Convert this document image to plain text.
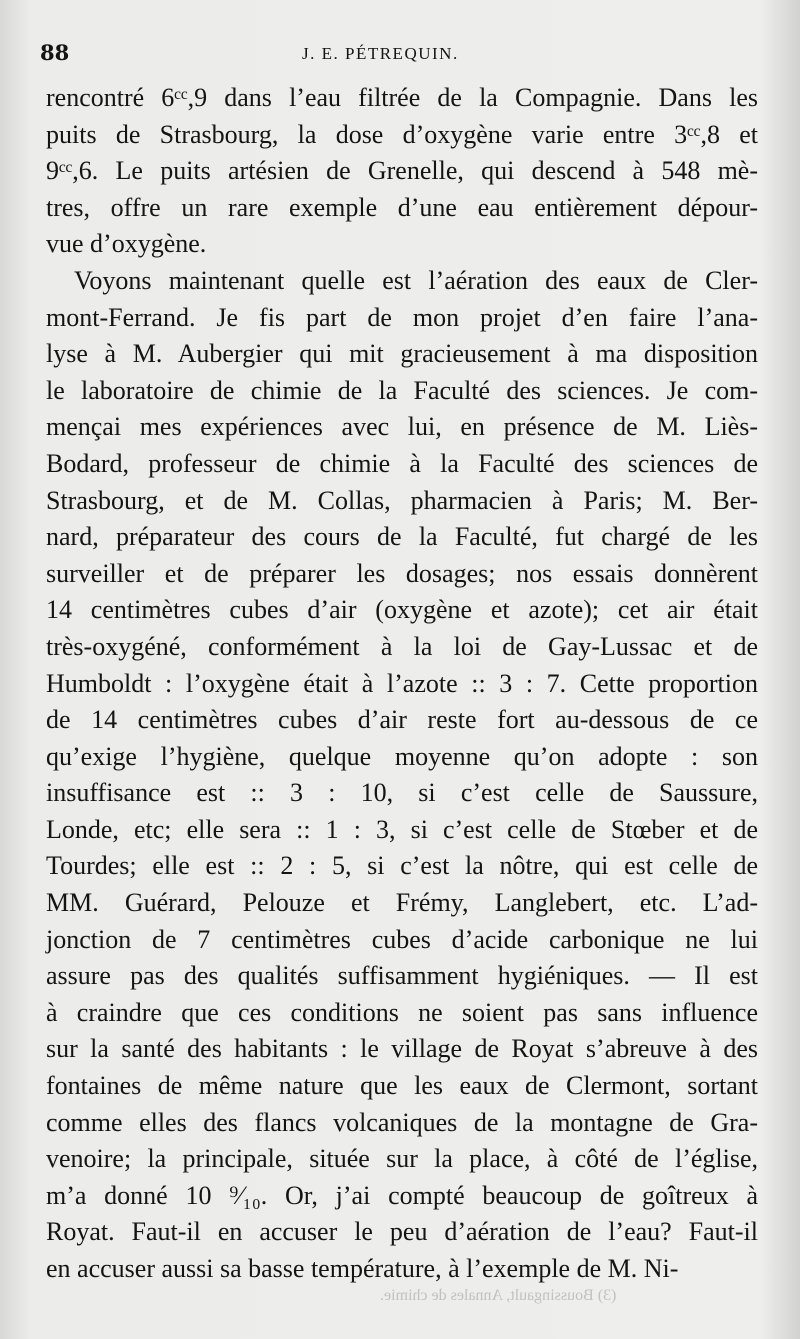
88	J. E. PÉTREQUIN.
rencontré 6ᶜᶜ,9 dans l’eau filtrée de la Compagnie. Dans les
puits de Strasbourg, la dose d’oxygène varie entre 3ᶜᶜ,8 et
9ᶜᶜ,6. Le puits artésien de Grenelle, qui descend à 548 mè-
tres, offre un rare exemple d’une eau entièrement dépour-
vue d’oxygène.
Voyons maintenant quelle est l’aération des eaux de Cler-
mont-Ferrand. Je fis part de mon projet d’en faire l’ana-
lyse à M. Aubergier qui mit gracieusement à ma disposition
le laboratoire de chimie de la Faculté des sciences. Je com-
mençai mes expériences avec lui, en présence de M. Liès-
Bodard, professeur de chimie à la Faculté des sciences de
Strasbourg, et de M. Collas, pharmacien à Paris; M. Ber-
nard, préparateur des cours de la Faculté, fut chargé de les
surveiller et de préparer les dosages; nos essais donnèrent
14 centimètres cubes d’air (oxygène et azote); cet air était
très-oxygéné, conformément à la loi de Gay-Lussac et de
Humboldt : l’oxygène était à l’azote :: 3 : 7. Cette proportion
de 14 centimètres cubes d’air reste fort au-dessous de ce
qu’exige l’hygiène, quelque moyenne qu’on adopte : son
insuffisance est :: 3 : 10, si c’est celle de Saussure,
Londe, etc; elle sera :: 1 : 3, si c’est celle de Stœber et de
Tourdes; elle est :: 2 : 5, si c’est la nôtre, qui est celle de
MM. Guérard, Pelouze et Frémy, Langlebert, etc. L’ad-
jonction de 7 centimètres cubes d’acide carbonique ne lui
assure pas des qualités suffisamment hygiéniques. — Il est
à craindre que ces conditions ne soient pas sans influence
sur la santé des habitants : le village de Royat s’abreuve à des
fontaines de même nature que les eaux de Clermont, sortant
comme elles des flancs volcaniques de la montagne de Gra-
venoire; la principale, située sur la place, à côté de l’église,
m’a donné 10 ⁹⁄₁₀. Or, j’ai compté beaucoup de goîtreux à
Royat. Faut-il en accuser le peu d’aération de l’eau? Faut-il
en accuser aussi sa basse température, à l’exemple de M. Ni-
(3) Boussingault, Annales de chimie.
